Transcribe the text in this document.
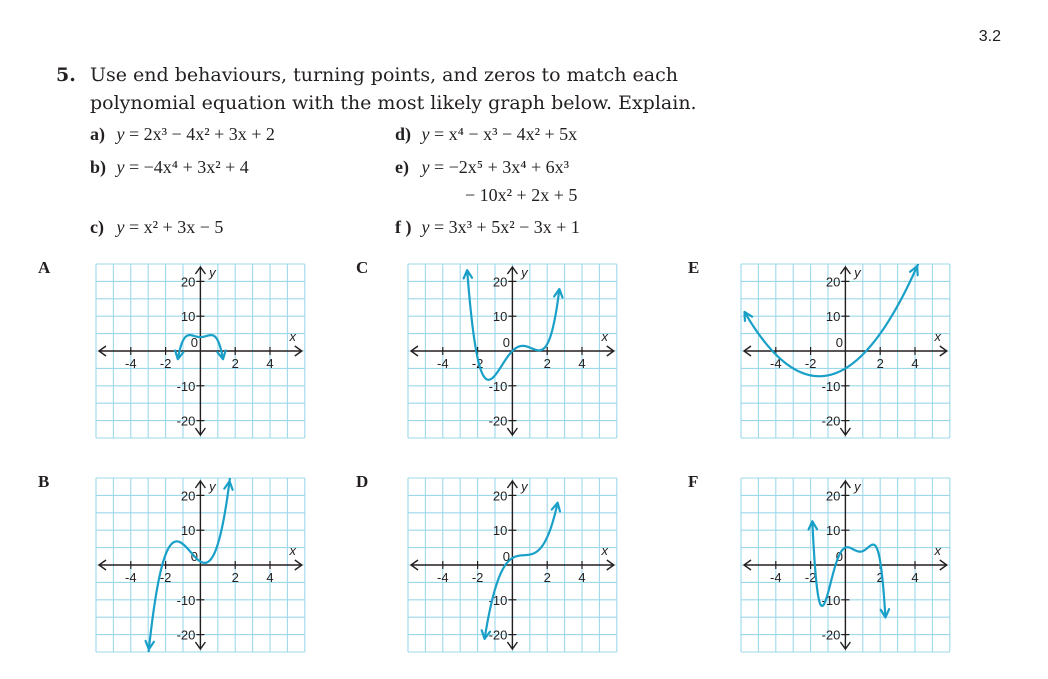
3.2
5. Use end behaviours, turning points, and zeros to match each
polynomial equation with the most likely graph below. Explain.
a) y = 2x³ − 4x² + 3x + 2
b) y = −4x⁴ + 3x² + 4
c) y = x² + 3x − 5
d) y = x⁴ − x³ − 4x² + 5x
e) y = −2x⁵ + 3x⁴ + 6x³
− 10x² + 2x + 5
f ) y = 3x³ + 5x² − 3x + 1
A
B
C
D
E
F
-4 -2
0
2 4
20
10
-10
-20
x
y
-4 -2
0
2 4
20
10
-10
-20
x
y
-4 -2
0
2 4
20
10
-10
-20
x
y
-4 -2
0
2 4
20
10
-10
-20
x
y
-4 -2
0
2 4
20
10
-10
-20
x
y
-4 -2
0
2 4
20
10
-10
-20
x
y
